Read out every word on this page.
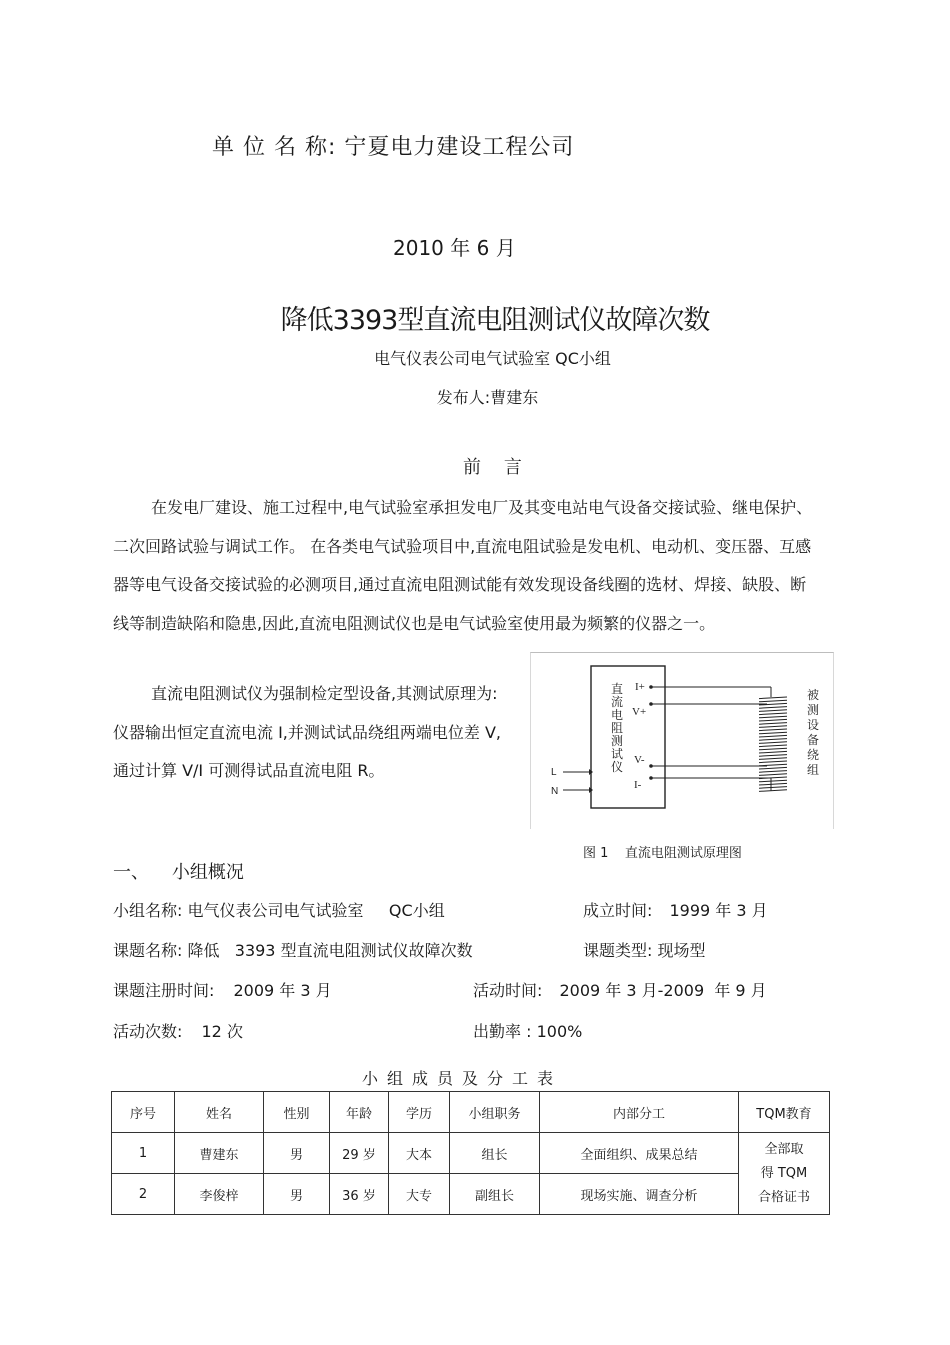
单 位 名 称: 宁夏电力建设工程公司
2010 年 6 月
降低3393型直流电阻测试仪故障次数
电气仪表公司电气试验室 QC小组
发布人:曹建东
前    言
在发电厂建设、施工过程中,电气试验室承担发电厂及其变电站电气设备交接试验、继电保护、二次回路试验与调试工作。 在各类电气试验项目中,直流电阻试验是发电机、电动机、变压器、互感器等电气设备交接试验的必测项目,通过直流电阻测试能有效发现设备线圈的选材、焊接、缺股、断线等制造缺陷和隐患,因此,直流电阻测试仪也是电气试验室使用最为频繁的仪器之一。
直流电阻测试仪为强制检定型设备,其测试原理为:仪器输出恒定直流电流 I,并测试试品绕组两端电位差 V,通过计算 V/I 可测得试品直流电阻 R。
直 流 电 阻 测 试 仪
I+
V+
V-
I-
被 测 设 备 绕 组
L
N
图 1    直流电阻测试原理图
一、    小组概况
小组名称: 电气仪表公司电气试验室     QC小组	成立时间: 1999 年 3 月
课题名称: 降低   3393 型直流电阻测试仪故障次数	课题类型: 现场型
课题注册时间: 2009 年 3 月	活动时间: 2009 年 3 月-2009  年 9 月
活动次数: 12 次	出勤率 : 100%
小组成员及分工表
序号	姓名	性别	年龄	学历	小组职务	内部分工	TQM教育
1	曹建东	男	29 岁	大本	组长	全面组织、成果总结	全部取
得 TQM
合格证书

2	李俊梓	男	36 岁	大专	副组长	现场实施、调查分析	
